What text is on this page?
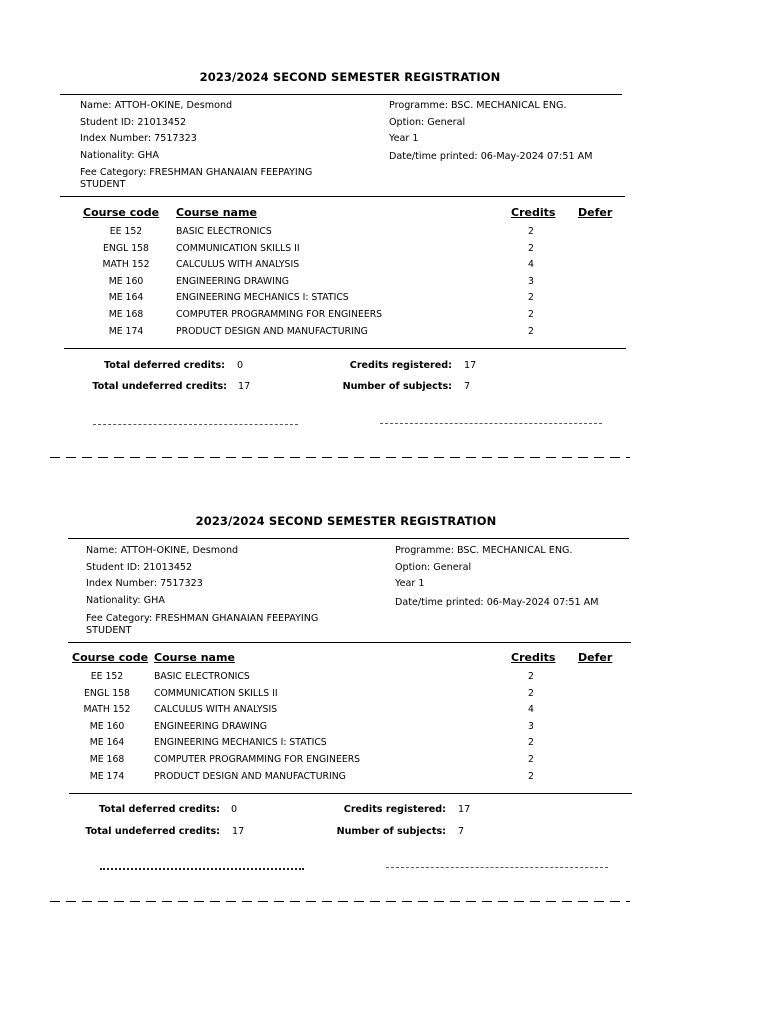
2023/2024 SECOND SEMESTER REGISTRATION
Name: ATTOH-OKINE, Desmond
Student ID: 21013452
Index Number: 7517323
Nationality: GHA
Fee Category: FRESHMAN GHANAIAN FEEPAYING STUDENT
Programme: BSC. MECHANICAL ENG.
Option: General
Year 1
Date/time printed: 06-May-2024 07:51 AM
Course code Course name	Credits Defer
EE 152	BASIC ELECTRONICS	2
ENGL 158	COMMUNICATION SKILLS II	2
MATH 152	CALCULUS WITH ANALYSIS	4
ME 160	ENGINEERING DRAWING	3
ME 164	ENGINEERING MECHANICS I: STATICS	2
ME 168	COMPUTER PROGRAMMING FOR ENGINEERS	2
ME 174	PRODUCT DESIGN AND MANUFACTURING	2
Total deferred credits: 0
Total undeferred credits: 17
Credits registered: 17
Number of subjects: 7
2023/2024 SECOND SEMESTER REGISTRATION
Name: ATTOH-OKINE, Desmond
Student ID: 21013452
Index Number: 7517323
Nationality: GHA
Fee Category: FRESHMAN GHANAIAN FEEPAYING STUDENT
Programme: BSC. MECHANICAL ENG.
Option: General
Year 1
Date/time printed: 06-May-2024 07:51 AM
Course code Course name	Credits Defer
EE 152	BASIC ELECTRONICS	2
ENGL 158	COMMUNICATION SKILLS II	2
MATH 152	CALCULUS WITH ANALYSIS	4
ME 160	ENGINEERING DRAWING	3
ME 164	ENGINEERING MECHANICS I: STATICS	2
ME 168	COMPUTER PROGRAMMING FOR ENGINEERS	2
ME 174	PRODUCT DESIGN AND MANUFACTURING	2
Total deferred credits: 0
Total undeferred credits: 17
Credits registered: 17
Number of subjects: 7
